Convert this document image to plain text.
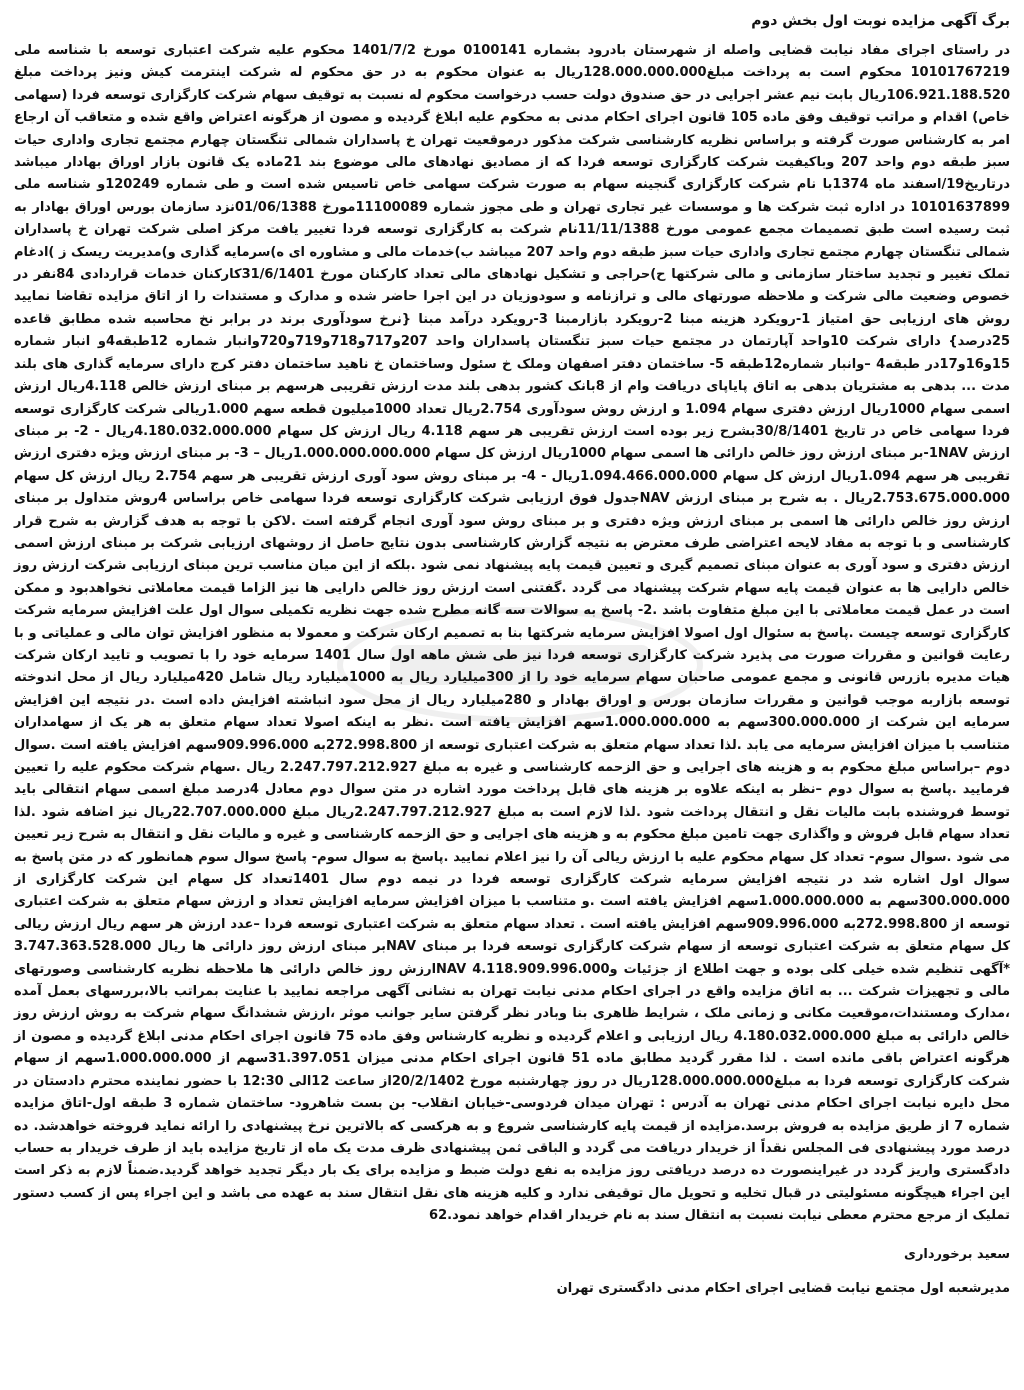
برگ آگهی مزایده نوبت اول بخش دوم

در راستای اجرای مفاد نیابت قضایی واصله از شهرستان بادرود بشماره 0100141 مورخ 1401/7/2 محکوم علیه شرکت اعتباری توسعه با شناسه ملی 10101767219 محکوم است به پرداخت مبلغ128.000.000.000ریال به عنوان محکوم به در حق محکوم له شرکت اینترمت کیش ونیز پرداخت مبلغ 106.921.188.520ریال بابت نیم عشر اجرایی در حق صندوق دولت حسب درخواست محکوم له نسبت به توقیف سهام شرکت کارگزاری توسعه فردا (سهامی خاص) اقدام و مراتب توقیف وفق ماده 105 قانون اجرای احکام مدنی به محکوم علیه ابلاغ گردیده و مصون از هرگونه اعتراض واقع شده و متعاقب آن ارجاع امر به کارشناس صورت گرفته و براساس نظریه کارشناسی شرکت مذکور درموقعیت تهران خ پاسداران شمالی تنگستان چهارم مجتمع تجاری واداری حیات سبز طبقه دوم واحد 207 وباکیفیت شرکت کارگزاری توسعه فردا که از مصادیق نهادهای مالی موضوع بند 21ماده یک قانون بازار اوراق بهادار میباشد درتاریخ19/اسفند ماه 1374با نام شرکت کارگزاری گنجینه سهام به صورت شرکت سهامی خاص تاسیس شده است و طی شماره 120249و شناسه ملی 10101637899 در اداره ثبت شرکت ها و موسسات غیر تجاری تهران و طی مجوز شماره 11100089مورخ 01/06/1388نزد سازمان بورس اوراق بهادار به ثبت رسیده است طبق تصمیمات مجمع عمومی مورخ 11/11/1388نام شرکت به کارگزاری توسعه فردا تغییر یافت مرکز اصلی شرکت تهران خ پاسداران شمالی تنگستان چهارم مجتمع تجاری واداری حیات سبز طبقه دوم واحد 207 میباشد ب)خدمات مالی و مشاوره ای ه)سرمایه گذاری و)مدیریت ریسک ز )ادغام تملک تغییر و تجدید ساختار سازمانی و مالی شرکتها ح)حراجی و تشکیل نهادهای مالی تعداد کارکنان مورخ 31/6/1401کارکنان خدمات قراردادی 84نفر در خصوص وضعیت مالی شرکت و ملاحظه صورتهای مالی و ترازنامه و سودوزیان در این اجرا حاضر شده و مدارک و مستندات را از اتاق مزایده تقاضا نمایید روش های ارزیابی حق امتیاز 1-رویکرد هزینه مبنا 2-رویکرد بازارمبنا 3-رویکرد درآمد مبنا {نرخ سودآوری برند در برابر نخ محاسبه شده مطابق قاعده 25درصد} دارای شرکت 10واحد آپارتمان در مجتمع حیات سبز تنگستان پاسداران واحد 207و717و718و719و720وانبار شماره 12طبقه4و انبار شماره 15و16و17در طبقه4 –وانبار شماره12طبقه 5- ساختمان دفتر اصفهان وملک خ سئول وساختمان خ ناهید ساختمان دفتر کرج دارای سرمایه گذاری های بلند مدت ... بدهی به مشتریان بدهی به اتاق پایاپای دریافت وام از 8بانک کشور بدهی بلند مدت ارزش تقریبی هرسهم بر مبنای ارزش خالص 4.118ریال ارزش اسمی سهام 1000ریال ارزش دفتری سهام 1.094 و ارزش روش سودآوری 2.754ریال تعداد 1000میلیون قطعه سهم 1.000ریالی شرکت کارگزاری توسعه فردا سهامی خاص در تاریخ 30/8/1401بشرح زیر بوده است ارزش تقریبی هر سهم 4.118 ریال ارزش کل سهام 4.180.032.000.000ریال - 2- بر مبنای ارزش 1NAV-بر مبنای ارزش روز خالص دارائی ها اسمی سهام 1000ریال ارزش کل سهام 1.000.000.000.000ریال – 3- بر مبنای ارزش ویژه دفتری ارزش تقریبی هر سهم 1.094ریال ارزش کل سهام 1.094.466.000.000ریال - 4- بر مبنای روش سود آوری ارزش تقریبی هر سهم 2.754 ریال ارزش کل سهام 2.753.675.000.000ریال . به شرح بر مبنای ارزش NAVجدول فوق ارزیابی شرکت کارگزاری توسعه فردا سهامی خاص براساس 4روش متداول بر مبنای ارزش روز خالص دارائی ها اسمی بر مبنای ارزش ویژه دفتری و بر مبنای روش سود آوری انجام گرفته است .لاکن با توجه به هدف گزارش به شرح قرار کارشناسی و با توجه به مفاد لایحه اعتراضی طرف معترض به نتیجه گزارش کارشناسی بدون نتایج حاصل از روشهای ارزیابی شرکت بر مبنای ارزش اسمی ارزش دفتری و سود آوری به عنوان مبنای تصمیم گیری و تعیین قیمت پایه پیشنهاد نمی شود .بلکه از این میان مناسب ترین مبنای ارزیابی شرکت ارزش روز خالص دارایی ها به عنوان قیمت پایه سهام شرکت پیشنهاد می گردد .گفتنی است ارزش روز خالص دارایی ها نیز الزاما قیمت معاملاتی نخواهدبود و ممکن است در عمل قیمت معاملاتی با این مبلغ متفاوت باشد .2- پاسخ به سوالات سه گانه مطرح شده جهت نظریه تکمیلی سوال اول علت افزایش سرمایه شرکت کارگزاری توسعه چیست .پاسخ به سئوال اول اصولا افزایش سرمایه شرکتها بنا به تصمیم ارکان شرکت و معمولا به منظور افزایش توان مالی و عملیاتی و با رعایت قوانین و مقررات صورت می پذیرد شرکت کارگزاری توسعه فردا نیز طی شش ماهه اول سال 1401 سرمایه خود را با تصویب و تایید ارکان شرکت هیات مدیره بازرس قانونی و مجمع عمومی صاحبان سهام سرمایه خود را از 300میلیارد ریال به 1000میلیارد ریال شامل 420میلیارد ریال از محل اندوخته توسعه بازاربه موجب قوانین و مقررات سازمان بورس و اوراق بهادار و 280میلیارد ریال از محل سود انباشته افزایش داده است .در نتیجه این افزایش سرمایه این شرکت از 300.000.000سهم به 1.000.000.000سهم افزایش یافته است .نظر به اینکه اصولا تعداد سهام متعلق به هر یک از سهامداران متناسب با میزان افزایش سرمایه می یابد .لذا تعداد سهام متعلق به شرکت اعتباری توسعه از 272.998.800به 909.996.000سهم افزایش یافته است .سوال دوم –براساس مبلغ محکوم به و هزینه های اجرایی و حق الزحمه کارشناسی و غیره به مبلغ 2.247.797.212.927 ریال .سهام شرکت محکوم علیه را تعیین فرمایید .پاسخ به سوال دوم –نظر به اینکه علاوه بر هزینه های قابل پرداخت مورد اشاره در متن سوال دوم معادل 4درصد مبلغ اسمی سهام انتقالی باید توسط فروشنده بابت مالیات نقل و انتقال پرداخت شود .لذا لازم است به مبلغ 2.247.797.212.927ریال مبلغ 22.707.000.000ریال نیز اضافه شود .لذا تعداد سهام قابل فروش و واگذاری جهت تامین مبلغ محکوم به و هزینه های اجرایی و حق الزحمه کارشناسی و غیره و مالیات نقل و انتقال به شرح زیر تعیین می شود .سوال سوم- تعداد کل سهام محکوم علیه با ارزش ریالی آن را نیز اعلام نمایید .پاسخ به سوال سوم- پاسخ سوال سوم همانطور که در متن پاسخ به سوال اول اشاره شد در نتیجه افزایش سرمایه شرکت کارگزاری توسعه فردا در نیمه دوم سال 1401تعداد کل سهام این شرکت کارگزاری از 300.000.000سهم به 1.000.000.000سهم افزایش یافته است .و متناسب با میزان افزایش سرمایه افزایش تعداد و ارزش سهام متعلق به شرکت اعتباری توسعه از 272.998.800به 909.996.000سهم افزایش یافته است . تعداد سهام متعلق به شرکت اعتباری توسعه فردا –عدد ارزش هر سهم ریال ارزش ریالی کل سهام متعلق به شرکت اعتباری توسعه از سهام شرکت کارگزاری توسعه فردا بر مبنای NAVبر مبنای ارزش روز دارائی ها ریال 3.747.363.528.000 *آگهی تنظیم شده خیلی کلی بوده و جهت اطلاع از جزئیات و4.118.909.996.000 NAVارزش روز خالص دارائی ها ملاحظه نظریه کارشناسی وصورتهای مالی و تجهیزات شرکت ... به اتاق مزایده واقع در اجرای احکام مدنی نیابت تهران به نشانی آگهی مراجعه نمایید با عنایت بمراتب بالا،بررسهای بعمل آمده ،مدارک ومستندات،موقعیت مکانی و زمانی ملک ، شرایط ظاهری بنا وبادر نظر گرفتن سایر جوانب موثر ،ارزش ششدانگ سهام شرکت به روش ارزش روز خالص دارائی به مبلغ 4.180.032.000.000 ریال ارزیابی و اعلام گردیده و نظریه کارشناس وفق ماده 75 قانون اجرای احکام مدنی ابلاغ گردیده و مصون از هرگونه اعتراض باقی مانده است . لذا مقرر گردید مطابق ماده 51 قانون اجرای احکام مدنی میزان 31.397.051سهم از 1.000.000.000سهم از سهام شرکت کارگزاری توسعه فردا به مبلغ128.000.000.000ریال در روز چهارشنبه مورخ 20/2/1402از ساعت 12الی 12:30 با حضور نماینده محترم دادستان در محل دایره نیابت اجرای احکام مدنی تهران به آدرس : تهران میدان فردوسی-خیابان انقلاب- بن بست شاهرود- ساختمان شماره 3 طبقه اول-اتاق مزایده شماره 7 از طریق مزایده به فروش برسد.مزایده از قیمت پایه کارشناسی شروع و به هرکسی که بالاترین نرخ پیشنهادی را ارائه نماید فروخته خواهدشد. ده درصد مورد پیشنهادی فی المجلس نقداً از خریدار دریافت می گردد و الباقی ثمن پیشنهادی ظرف مدت یک ماه از تاریخ مزایده باید از طرف خریدار به حساب دادگستری واریز گردد در غیراینصورت ده درصد دریافتی روز مزایده به نفع دولت ضبط و مزایده برای یک بار دیگر تجدید خواهد گردید.ضمناً لازم به ذکر است این اجراء هیچگونه مسئولیتی در قبال تخلیه و تحویل مال توقیفی ندارد و کلیه هزینه های نقل انتقال سند به عهده می باشد و این اجراء پس از کسب دستور تملیک از مرجع محترم معطی نیابت نسبت به انتقال سند به نام خریدار اقدام خواهد نمود.62

سعید برخورداری
مدیرشعبه اول مجتمع نیابت قضایی اجرای احکام مدنی دادگستری تهران
